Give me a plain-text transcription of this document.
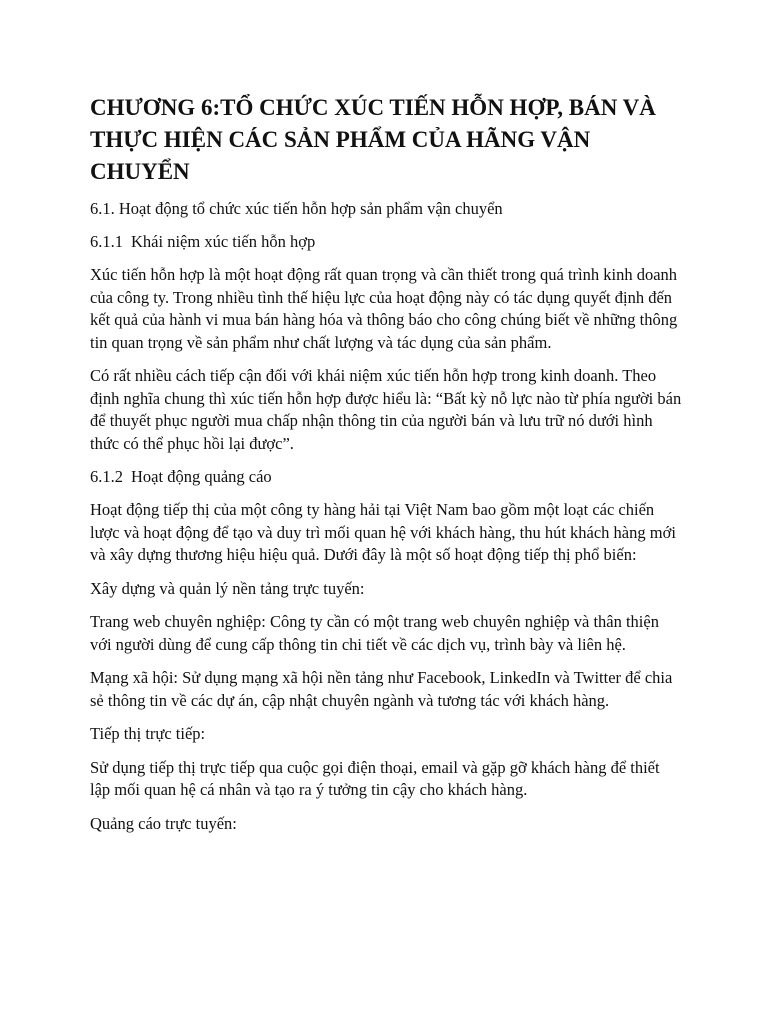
CHƯƠNG 6:TỔ CHỨC XÚC TIẾN HỖN HỢP, BÁN VÀ THỰC HIỆN CÁC SẢN PHẨM CỦA HÃNG VẬN CHUYỂN
6.1. Hoạt động tổ chức xúc tiến hỗn hợp sản phẩm vận chuyển
6.1.1 Khái niệm xúc tiến hỗn hợp

Xúc tiến hỗn hợp là một hoạt động rất quan trọng và cần thiết trong quá trình kinh doanh của công ty. Trong nhiều tình thế hiệu lực của hoạt động này có tác dụng quyết định đến kết quả của hành vi mua bán hàng hóa và thông báo cho công chúng biết về những thông tin quan trọng về sản phẩm như chất lượng và tác dụng của sản phẩm.

Có rất nhiều cách tiếp cận đối với khái niệm xúc tiến hỗn hợp trong kinh doanh. Theo định nghĩa chung thì xúc tiến hỗn hợp được hiểu là: “Bất kỳ nỗ lực nào từ phía người bán để thuyết phục người mua chấp nhận thông tin của người bán và lưu trữ nó dưới hình thức có thể phục hồi lại được”.

6.1.2 Hoạt động quảng cáo

Hoạt động tiếp thị của một công ty hàng hải tại Việt Nam bao gồm một loạt các chiến lược và hoạt động để tạo và duy trì mối quan hệ với khách hàng, thu hút khách hàng mới và xây dựng thương hiệu hiệu quả. Dưới đây là một số hoạt động tiếp thị phổ biến:

Xây dựng và quản lý nền tảng trực tuyến:

Trang web chuyên nghiệp: Công ty cần có một trang web chuyên nghiệp và thân thiện với người dùng để cung cấp thông tin chi tiết về các dịch vụ, trình bày và liên hệ.

Mạng xã hội: Sử dụng mạng xã hội nền tảng như Facebook, LinkedIn và Twitter để chia sẻ thông tin về các dự án, cập nhật chuyên ngành và tương tác với khách hàng.

Tiếp thị trực tiếp:

Sử dụng tiếp thị trực tiếp qua cuộc gọi điện thoại, email và gặp gỡ khách hàng để thiết lập mối quan hệ cá nhân và tạo ra ý tưởng tin cậy cho khách hàng.

Quảng cáo trực tuyến:
